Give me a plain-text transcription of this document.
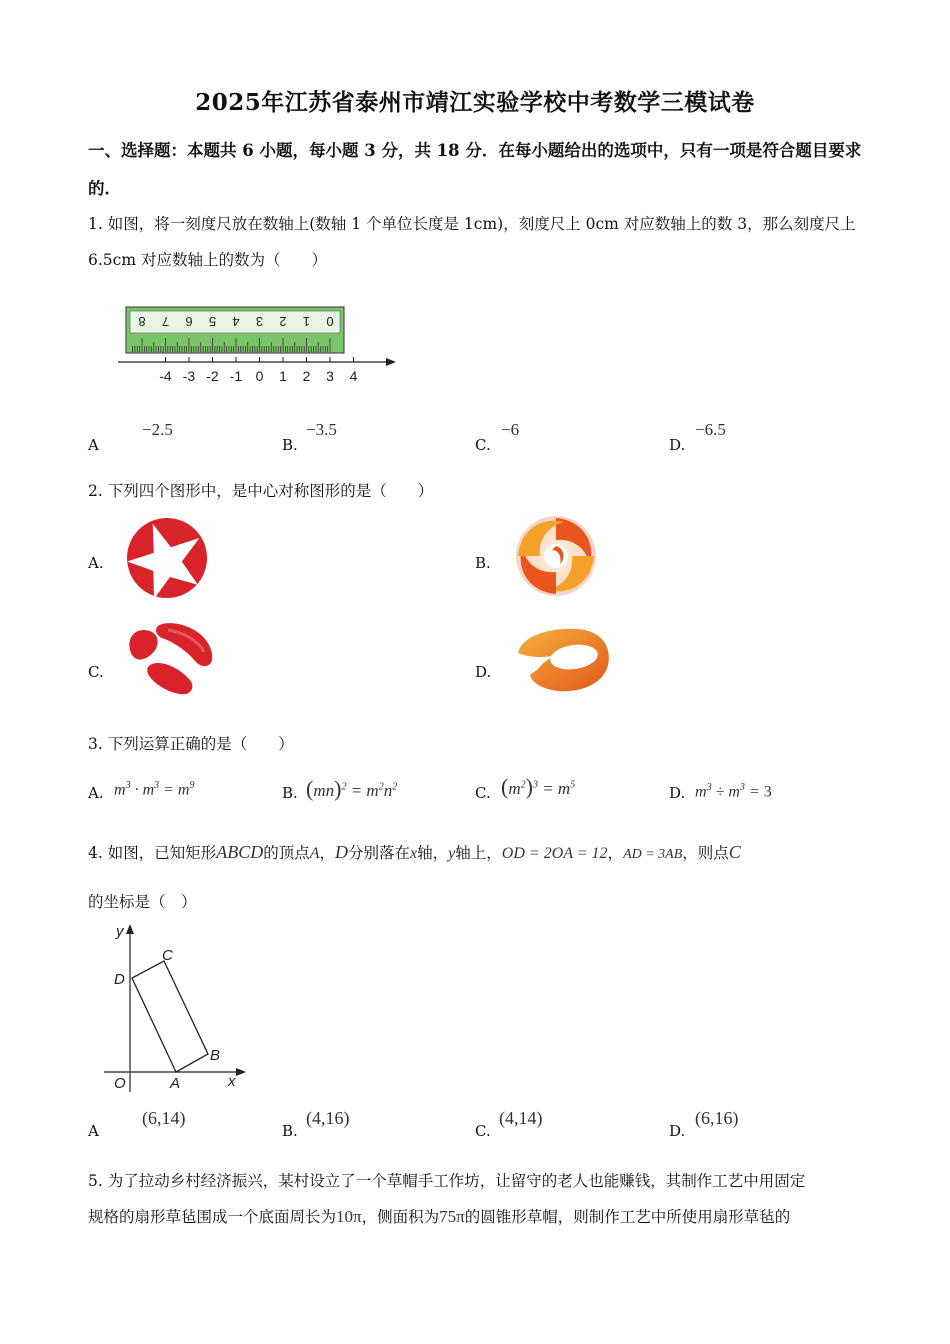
2025年江苏省泰州市靖江实验学校中考数学三模试卷
一、选择题：本题共 6 小题，每小题 3 分，共 18 分．在每小题给出的选项中，只有一项是符合题目要求的．
1. 如图，将一刻度尺放在数轴上(数轴 1 个单位长度是 1cm)，刻度尺上 0cm 对应数轴上的数 3，那么刻度尺上 6.5cm 对应数轴上的数为（　　）
8 7 6 5 4 3 2 1 0
-4 -3 -2 -1 0 1 2 3 4
A
−2.5
B.
−3.5
C.
−6
D.
−6.5
2. 下列四个图形中，是中心对称图形的是（　　）
A.	B.
C.	D.
3. 下列运算正确的是（　　）
A. $m^3 \cdot m^3 = m^9$	B. $(mn)^2 = m^2n^2$	C. $(m^2)^3 = m^5$	D. $m^3 \div m^3 = 3$
4. 如图，已知矩形ABCD的顶点A，D分别落在x轴，y轴上，OD = 2OA = 12，AD = 3AB，则点C
的坐标是（　）
y
x
O	A
B
C
D
A
(6,14)
B.
(4,16)
C.
(4,14)
D.
(6,16)
5. 为了拉动乡村经济振兴，某村设立了一个草帽手工作坊，让留守的老人也能赚钱，其制作工艺中用固定
规格的扇形草毡围成一个底面周长为10π，侧面积为75π的圆锥形草帽，则制作工艺中所使用扇形草毡的
